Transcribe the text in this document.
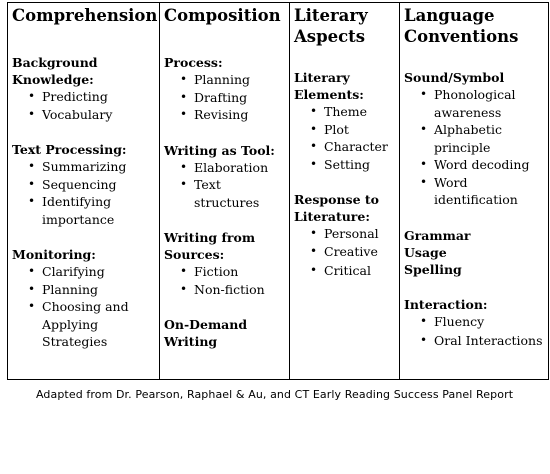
Comprehension
Background Knowledge:
• Predicting
• Vocabulary
Text Processing:
• Summarizing
• Sequencing
• Identifying importance
Monitoring:
• Clarifying
• Planning
• Choosing and Applying Strategies
Composition
Process:
• Planning
• Drafting
• Revising
Writing as Tool:
• Elaboration
• Text structures
Writing from Sources:
• Fiction
• Non-fiction
On-Demand Writing
Literary Aspects
Literary Elements:
• Theme
• Plot
• Character
• Setting
Response to Literature:
• Personal
• Creative
• Critical
Language Conventions
Sound/Symbol
• Phonological awareness
• Alphabetic principle
• Word decoding
• Word identification
Grammar
Usage
Spelling
Interaction:
• Fluency
• Oral Interactions
Adapted from Dr. Pearson, Raphael & Au, and CT Early Reading Success Panel Report
